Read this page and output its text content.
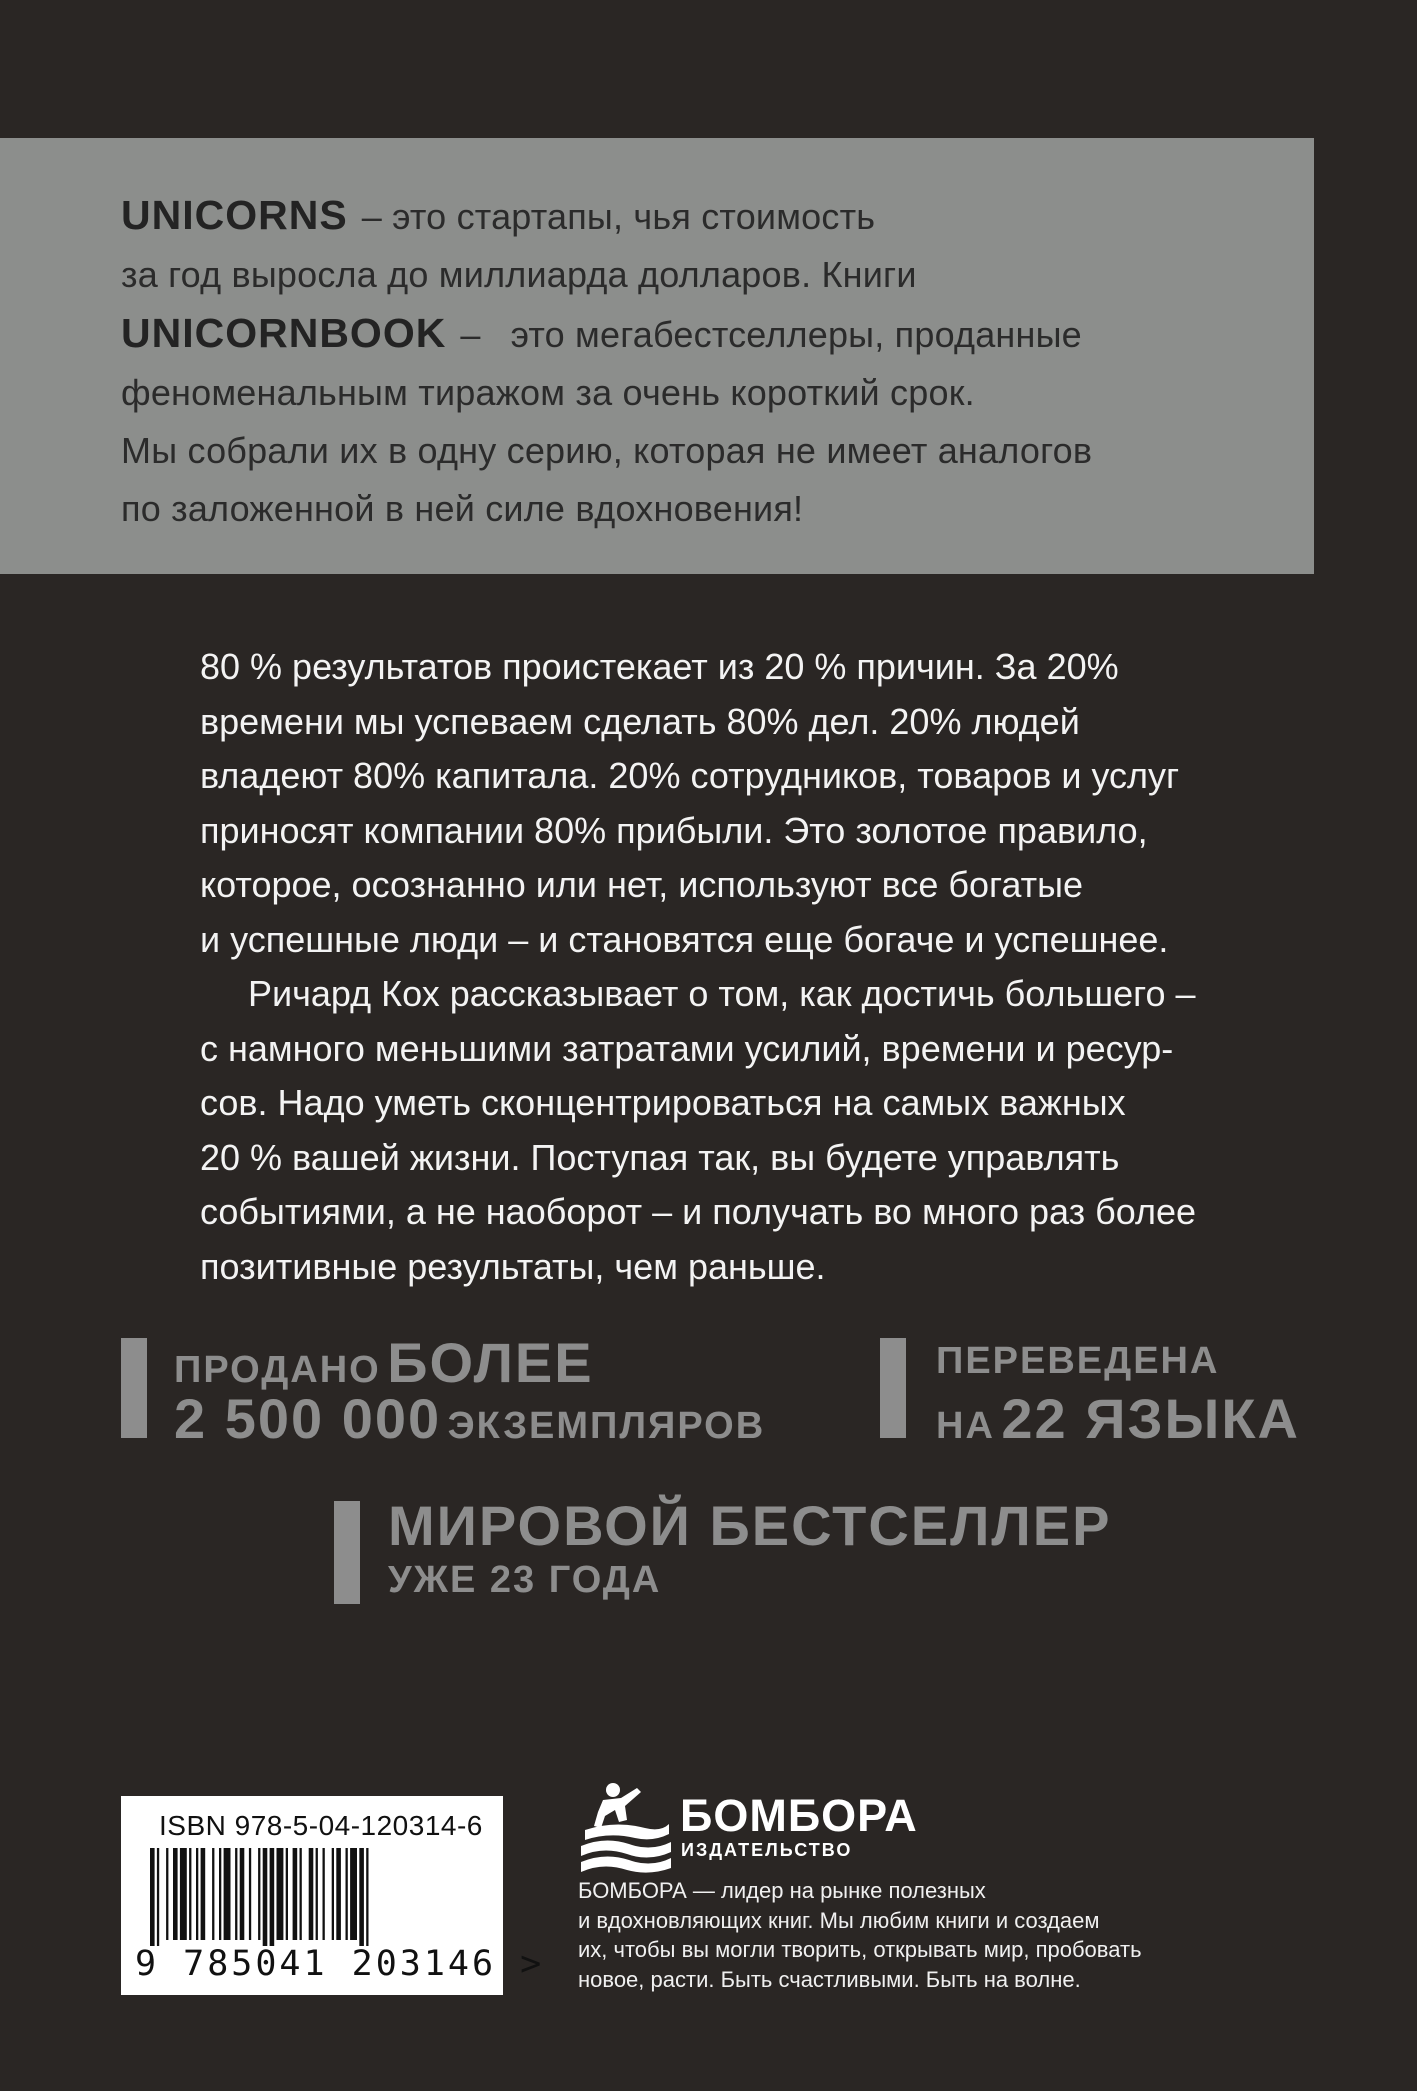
UNICORNS – это стартапы, чья стоимость
за год выросла до миллиарда долларов. Книги
UNICORNBOOK – это мегабестселлеры, проданные
феноменальным тиражом за очень короткий срок.
Мы собрали их в одну серию, которая не имеет аналогов
по заложенной в ней силе вдохновения!

80 % результатов проистекает из 20 % причин. За 20%

времени мы успеваем сделать 80% дел. 20% людей

владеют 80% капитала. 20% сотрудников, товаров и услуг

приносят компании 80% прибыли. Это золотое правило,

которое, осознанно или нет, используют все богатые

и успешные люди – и становятся еще богаче и успешнее.

Ричард Кох рассказывает о том, как достичь большего –

с намного меньшими затратами усилий, времени и ресур-

сов. Надо уметь сконцентрироваться на самых важных

20 % вашей жизни. Поступая так, вы будете управлять

событиями, а не наоборот – и получать во много раз более

позитивные результаты, чем раньше.

ПРОДАНО БОЛЕЕ
2 500 000 ЭКЗЕМПЛЯРОВ
ПЕРЕВЕДЕНА
НА 22 ЯЗЫКА
МИРОВОЙ БЕСТСЕЛЛЕР
УЖЕ 23 ГОДА
ISBN 978-5-04-120314-6
9 785041 203146 >
БОМБОРА
ИЗДАТЕЛЬСТВО

БОМБОРА — лидер на рынке полезных

и вдохновляющих книг. Мы любим книги и создаем

их, чтобы вы могли творить, открывать мир, пробовать

новое, расти. Быть счастливыми. Быть на волне.
